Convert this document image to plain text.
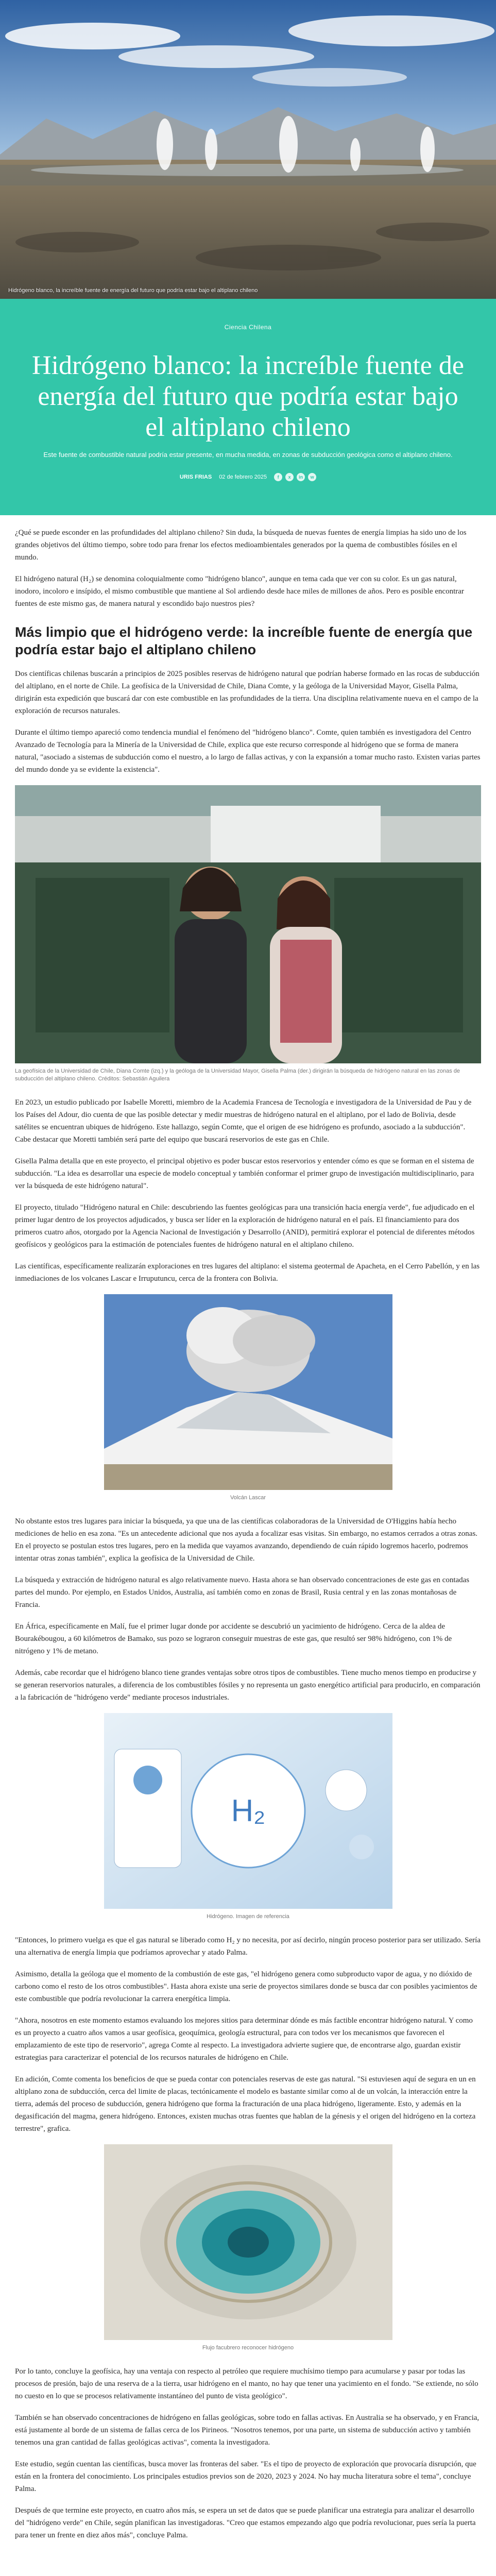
Hidrógeno blanco, la increíble fuente de energía del futuro que podría estar bajo el altiplano chileno
Ciencia Chilena
Hidrógeno blanco: la increíble fuente de energía del futuro que podría estar bajo el altiplano chileno
Este fuente de combustible natural podría estar presente, en mucha medida, en zonas de subducción geológica como el altiplano chileno.
URIS FRIAS 02 de febrero 2025	f	x	in	w

¿Qué se puede esconder en las profundidades del altiplano chileno? Sin duda, la búsqueda de nuevas fuentes de energía limpias ha sido uno de los grandes objetivos del último tiempo, sobre todo para frenar los efectos medioambientales generados por la quema de combustibles fósiles en el mundo.

El hidrógeno natural (H₂) se denomina coloquialmente como "hidrógeno blanco", aunque en tema cada que ver con su color. Es un gas natural, inodoro, incoloro e insípido, el mismo combustible que mantiene al Sol ardiendo desde hace miles de millones de años. Pero es posible encontrar fuentes de este mismo gas, de manera natural y escondido bajo nuestros pies?

Más limpio que el hidrógeno verde: la increíble fuente de energía que podría estar bajo el altiplano chileno

Dos científicas chilenas buscarán a principios de 2025 posibles reservas de hidrógeno natural que podrían haberse formado en las rocas de subducción del altiplano, en el norte de Chile. La geofísica de la Universidad de Chile, Diana Comte, y la geóloga de la Universidad Mayor, Gisella Palma, dirigirán esta expedición que buscará dar con este combustible en las profundidades de la tierra. Una disciplina relativamente nueva en el campo de la exploración de recursos naturales.

Durante el último tiempo apareció como tendencia mundial el fenómeno del "hidrógeno blanco". Comte, quien también es investigadora del Centro Avanzado de Tecnología para la Minería de la Universidad de Chile, explica que este recurso corresponde al hidrógeno que se forma de manera natural, "asociado a sistemas de subducción como el nuestro, a lo largo de fallas activas, y con la expansión a tomar mucho rasto. Existen varias partes del mundo donde ya se evidente la existencia".

La geofísica de la Universidad de Chile, Diana Comte (izq.) y la geóloga de la Universidad Mayor, Gisella Palma (der.) dirigirán la búsqueda de hidrógeno natural en las zonas de subducción del altiplano chileno. Créditos: Sebastián Aguilera

En 2023, un estudio publicado por Isabelle Moretti, miembro de la Academia Francesa de Tecnología e investigadora de la Universidad de Pau y de los Países del Adour, dio cuenta de que las posible detectar y medir muestras de hidrógeno natural en el altiplano, por el lado de Bolivia, desde satélites se encuentran ubiques de hidrógeno. Este hallazgo, según Comte, que el origen de ese hidrógeno es profundo, asociado a la subducción". Cabe destacar que Moretti también será parte del equipo que buscará reservorios de este gas en Chile.

Gisella Palma detalla que en este proyecto, el principal objetivo es poder buscar estos reservorios y entender cómo es que se forman en el sistema de subducción. "La idea es desarrollar una especie de modelo conceptual y también conformar el primer grupo de investigación multidisciplinario, para ver la búsqueda de este hidrógeno natural".

El proyecto, titulado "Hidrógeno natural en Chile: descubriendo las fuentes geológicas para una transición hacia energía verde", fue adjudicado en el primer lugar dentro de los proyectos adjudicados, y busca ser líder en la exploración de hidrógeno natural en el país. El financiamiento para dos primeros cuatro años, otorgado por la Agencia Nacional de Investigación y Desarrollo (ANID), permitirá explorar el potencial de diferentes métodos geofísicos y geológicos para la estimación de potenciales fuentes de hidrógeno natural en el altiplano chileno.

Las científicas, específicamente realizarán exploraciones en tres lugares del altiplano: el sistema geotermal de Apacheta, en el Cerro Pabellón, y en las inmediaciones de los volcanes Lascar e Irruputuncu, cerca de la frontera con Bolivia.

Volcán Lascar

No obstante estos tres lugares para iniciar la búsqueda, ya que una de las científicas colaboradoras de la Universidad de O'Higgins había hecho mediciones de helio en esa zona. "Es un antecedente adicional que nos ayuda a focalizar esas visitas. Sin embargo, no estamos cerrados a otras zonas. En el proyecto se postulan estos tres lugares, pero en la medida que vayamos avanzando, dependiendo de cuán rápido logremos hacerlo, podremos intentar otras zonas también", explica la geofísica de la Universidad de Chile.

La búsqueda y extracción de hidrógeno natural es algo relativamente nuevo. Hasta ahora se han observado concentraciones de este gas en contadas partes del mundo. Por ejemplo, en Estados Unidos, Australia, así también como en zonas de Brasil, Rusia central y en las zonas montañosas de Francia.

En África, específicamente en Malí, fue el primer lugar donde por accidente se descubrió un yacimiento de hidrógeno. Cerca de la aldea de Bourakébougou, a 60 kilómetros de Bamako, sus pozo se lograron conseguir muestras de este gas, que resultó ser 98% hidrógeno, con 1% de nitrógeno y 1% de metano.

Además, cabe recordar que el hidrógeno blanco tiene grandes ventajas sobre otros tipos de combustibles. Tiene mucho menos tiempo en producirse y se generan reservorios naturales, a diferencia de los combustibles fósiles y no representa un gasto energético artificial para producirlo, en comparación a la fabricación de "hidrógeno verde" mediante procesos industriales.

H₂
Hidrógeno. Imagen de referencia

"Entonces, lo primero vuelga es que el gas natural se liberado como H₂ y no necesita, por así decirlo, ningún proceso posterior para ser utilizado. Sería una alternativa de energía limpia que podríamos aprovechar y atado Palma.

Asimismo, detalla la geóloga que el momento de la combustión de este gas, "el hidrógeno genera como subproducto vapor de agua, y no dióxido de carbono como el resto de los otros combustibles". Hasta ahora existe una serie de proyectos similares donde se busca dar con posibles yacimientos de este combustible que podría revolucionar la carrera energética limpia.

"Ahora, nosotros en este momento estamos evaluando los mejores sitios para determinar dónde es más factible encontrar hidrógeno natural. Y como es un proyecto a cuatro años vamos a usar geofísica, geoquímica, geología estructural, para con todos ver los mecanismos que favorecen el emplazamiento de este tipo de reservorio", agrega Comte al respecto. La investigadora advierte sugiere que, de encontrarse algo, guardan existir estrategias para caracterizar el potencial de los recursos naturales de hidrógeno en Chile.

En adición, Comte comenta los beneficios de que se pueda contar con potenciales reservas de este gas natural. "Si estuviesen aquí de segura en un en altiplano zona de subducción, cerca del limite de placas, tectónicamente el modelo es bastante similar como al de un volcán, la interacción entre la tierra, además del proceso de subducción, genera hidrógeno que forma la fracturación de una placa hidrógeno, ligeramente. Esto, y además en la degasificación del magma, genera hidrógeno. Entonces, existen muchas otras fuentes que hablan de la génesis y el origen del hidrógeno en la corteza terrestre", grafica.

Flujo facubrero reconocer hidrógeno

Por lo tanto, concluye la geofísica, hay una ventaja con respecto al petróleo que requiere muchísimo tiempo para acumularse y pasar por todas las procesos de presión, bajo de una reserva de a la tierra, usar hidrógeno en el manto, no hay que tener una yacimiento en el fondo. "Se extiende, no sólo no cuesto en lo que se procesos relativamente instantáneo del punto de vista geológico".

También se han observado concentraciones de hidrógeno en fallas geológicas, sobre todo en fallas activas. En Australia se ha observado, y en Francia, está justamente al borde de un sistema de fallas cerca de los Pirineos. "Nosotros tenemos, por una parte, un sistema de subducción activo y también tenemos una gran cantidad de fallas geológicas activas", comenta la investigadora.

Este estudio, según cuentan las científicas, busca mover las fronteras del saber. "Es el tipo de proyecto de exploración que provocaría disrupción, que están en la frontera del conocimiento. Los principales estudios previos son de 2020, 2023 y 2024. No hay mucha literatura sobre el tema", concluye Palma.

Después de que termine este proyecto, en cuatro años más, se espera un set de datos que se puede planificar una estrategia para analizar el desarrollo del "hidrógeno verde" en Chile, según planifican las investigadoras. "Creo que estamos empezando algo que podría revolucionar, pues sería la puerta para tener un frente en diez años más", concluye Palma.
